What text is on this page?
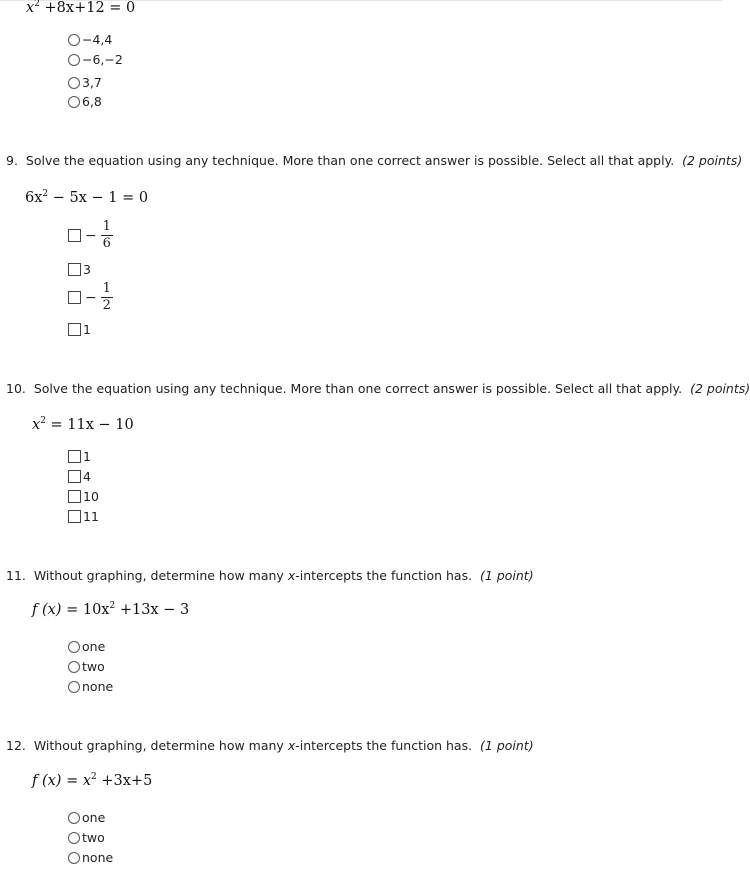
$x^2 +8x+12 = 0$
−4,4
−6,−2
3,7
6,8
9. Solve the equation using any technique. More than one correct answer is possible. Select all that apply. (2 points)
$6x^2 - 5x - 1 = 0$
− $\frac{1}{6}$
3
− $\frac{1}{2}$
1
10. Solve the equation using any technique. More than one correct answer is possible. Select all that apply. (2 points)
$x^2 = 11x - 10$
1
4
10
11
11. Without graphing, determine how many x-intercepts the function has. (1 point)
f $(x) = 10x^2 +13x - 3$
one
two
none
12. Without graphing, determine how many x-intercepts the function has. (1 point)
f $(x) = x^2 +3x+5$
one
two
none
